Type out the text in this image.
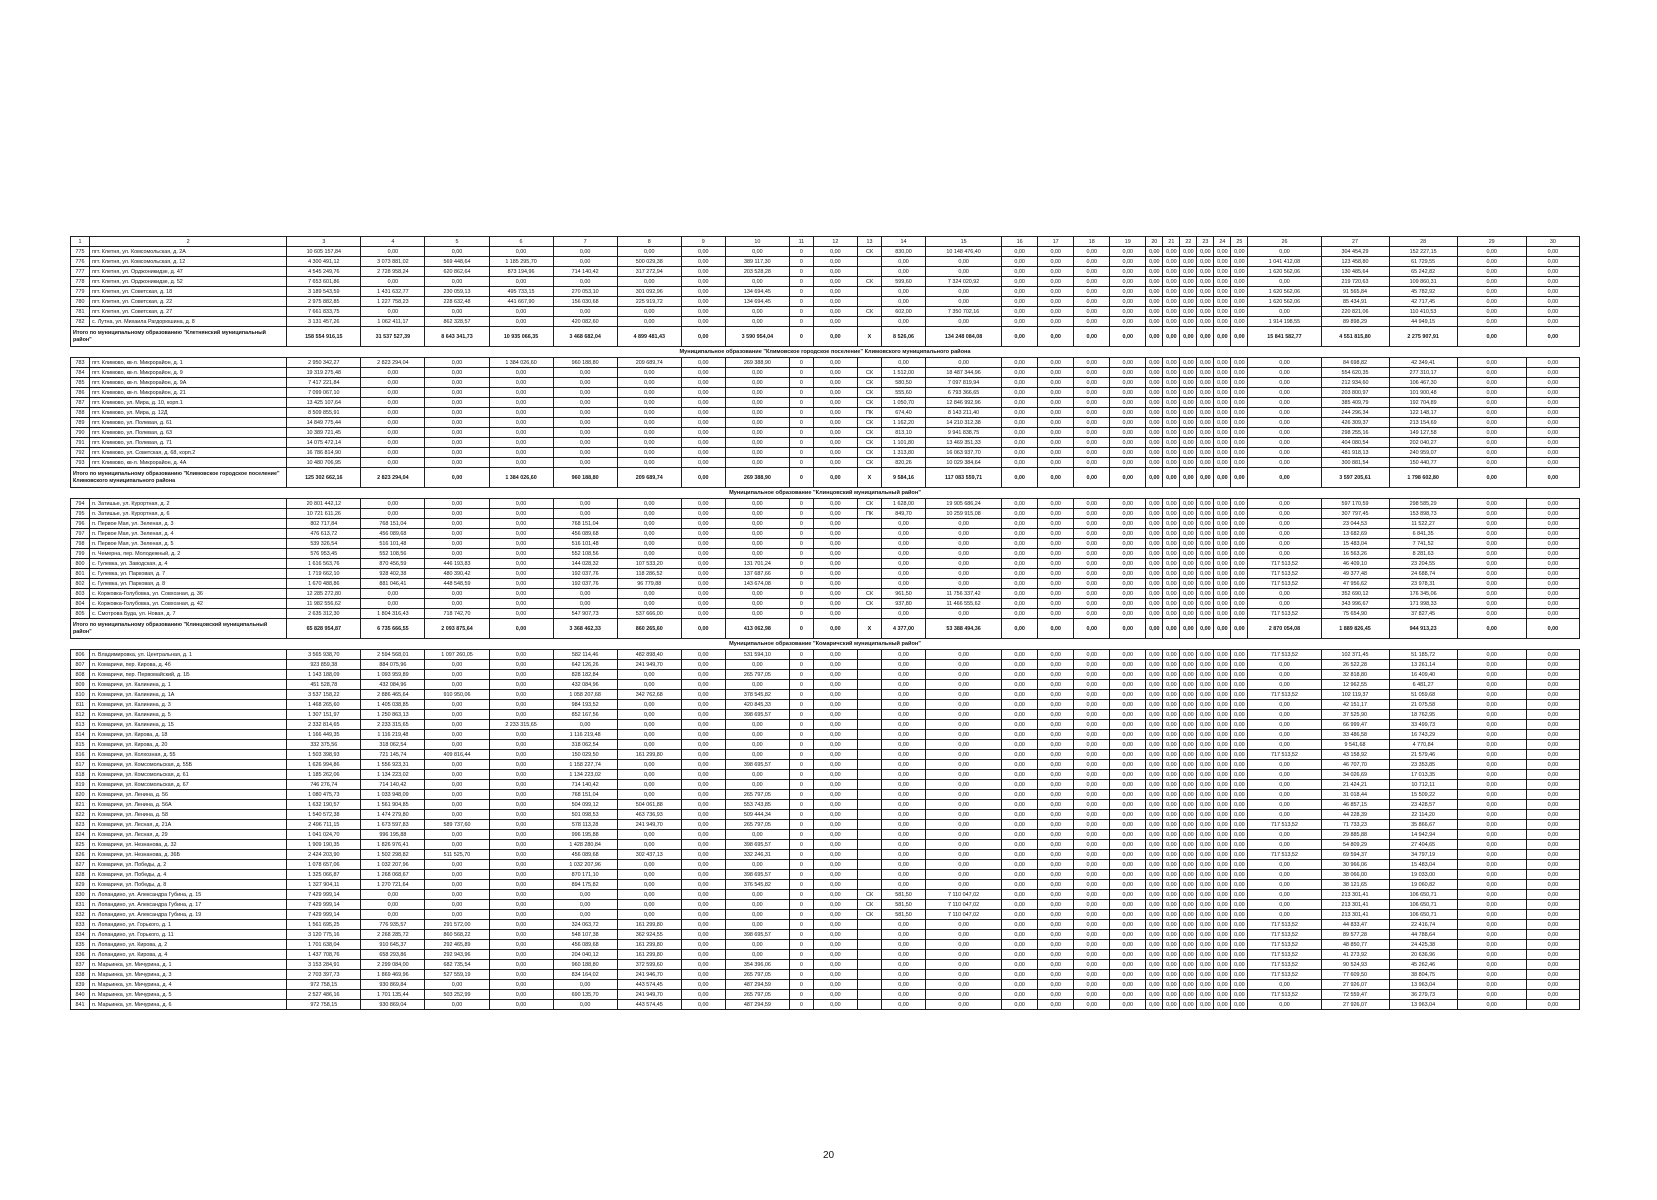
1	2	3	4	5	6	7	8	9	10	11	12	13	14	15	16	17	18	19	20	21	22	23	24	25	26	27	28	29	30
775	пгт. Клетня, ул. Комсомольская, д. 2А	10 605 157,84	0,00	0,00	0,00	0,00	0,00	0,00	0,00	0	0,00	СК	830,00	10 148 476,40	0,00	0,00	0,00	0,00	0,00	0,00	0,00	0,00	0,00	0,00	0,00	304 454,29	152 227,15	0,00	0,00
776	пгт. Клетня, ул. Комсомольская, д. 12	4 300 491,12	3 073 881,02	569 448,64	1 185 295,70	0,00	500 029,38	0,00	389 117,30	0	0,00		0,00	0,00	0,00	0,00	0,00	0,00	0,00	0,00	0,00	0,00	0,00	0,00	1 041 412,08	123 458,80	61 729,55	0,00	0,00
777	пгт. Клетня, ул. Орджоникидзе, д. 47	4 545 249,76	2 728 958,24	620 862,64	873 194,96	714 140,42	317 272,94	0,00	203 528,28	0	0,00		0,00	0,00	0,00	0,00	0,00	0,00	0,00	0,00	0,00	0,00	0,00	0,00	1 620 562,06	130 485,64	65 242,82	0,00	0,00
778	пгт. Клетня, ул. Орджоникидзе, д. 52	7 653 601,86	0,00	0,00	0,00	0,00	0,00	0,00	0,00	0	0,00	СК	599,60	7 324 020,92	0,00	0,00	0,00	0,00	0,00	0,00	0,00	0,00	0,00	0,00	0,00	219 720,63	109 860,31	0,00	0,00
779	пгт. Клетня, ул. Советская, д. 18	3 189 543,59	1 431 632,77	230 059,13	495 733,15	270 053,10	301 092,96	0,00	134 694,45	0	0,00		0,00	0,00	0,00	0,00	0,00	0,00	0,00	0,00	0,00	0,00	0,00	0,00	1 620 562,06	91 565,84	45 782,92	0,00	0,00
780	пгт. Клетня, ул. Советская, д. 22	2 975 882,85	1 227 758,23	228 632,48	441 667,90	156 030,68	225 919,72	0,00	134 694,45	0	0,00		0,00	0,00	0,00	0,00	0,00	0,00	0,00	0,00	0,00	0,00	0,00	0,00	1 620 562,06	85 434,91	42 717,45	0,00	0,00
781	пгт. Клетня, ул. Советская, д. 27	7 661 833,75	0,00	0,00	0,00	0,00	0,00	0,00	0,00	0	0,00	СК	602,00	7 350 702,16	0,00	0,00	0,00	0,00	0,00	0,00	0,00	0,00	0,00	0,00	0,00	220 821,06	110 410,53	0,00	0,00
782	с. Лутна, ул. Михаила Рагдорюшина, д. 8	3 131 457,26	1 062 411,17	862 328,57	0,00	420 082,60	0,00	0,00	0,00	0	0,00		0,00	0,00	0,00	0,00	0,00	0,00	0,00	0,00	0,00	0,00	0,00	0,00	1 914 198,55	89 898,29	44 949,15	0,00	0,00
Итого по муниципальному образованию "Клетнянский муниципальный район"		158 554 916,15	31 537 527,39	8 643 341,73	10 935 066,35	3 468 682,04	4 899 481,43	0,00	3 590 954,04	0	0,00	X	8 526,06	134 248 084,08	0,00	0,00	0,00	0,00	0,00	0,00	0,00	0,00	0,00	0,00	15 841 582,77	4 551 815,80	2 275 907,91	0,00	0,00
Муниципальное образование "Климовское городское поселение" Климовского муниципального района																													
783	пгт. Климово, кв-л. Микрорайон, д. 1	2 950 342,27	2 823 294,04	0,00	1 384 026,60	960 188,80	209 689,74	0,00	269 388,90	0	0,00		0,00	0,00	0,00	0,00	0,00	0,00	0,00	0,00	0,00	0,00	0,00	0,00	0,00	84 698,82	42 349,41	0,00	0,00
784	пгт. Климово, кв-л. Микрорайон, д. 9	19 319 275,48	0,00	0,00	0,00	0,00	0,00	0,00	0,00	0	0,00	СК	1 512,00	18 487 344,96	0,00	0,00	0,00	0,00	0,00	0,00	0,00	0,00	0,00	0,00	0,00	554 620,35	277 310,17	0,00	0,00
785	пгт. Климово, кв-л. Микрорайон, д. 9А	7 417 221,84	0,00	0,00	0,00	0,00	0,00	0,00	0,00	0	0,00	СК	580,50	7 097 819,94	0,00	0,00	0,00	0,00	0,00	0,00	0,00	0,00	0,00	0,00	0,00	212 934,60	106 467,30	0,00	0,00
786	пгт. Климово, кв-л. Микрорайон, д. 21	7 099 067,10	0,00	0,00	0,00	0,00	0,00	0,00	0,00	0	0,00	СК	555,60	6 793 366,65	0,00	0,00	0,00	0,00	0,00	0,00	0,00	0,00	0,00	0,00	0,00	203 800,97	101 900,48	0,00	0,00
787	пгт. Климово, ул. Мира, д. 10, корп.1	13 425 107,64	0,00	0,00	0,00	0,00	0,00	0,00	0,00	0	0,00	СК	1 050,70	12 846 992,96	0,00	0,00	0,00	0,00	0,00	0,00	0,00	0,00	0,00	0,00	0,00	385 409,79	192 704,89	0,00	0,00
788	пгт. Климово, ул. Мира, д. 12Д	8 509 855,91	0,00	0,00	0,00	0,00	0,00	0,00	0,00	0	0,00	ПК	674,40	8 143 211,40	0,00	0,00	0,00	0,00	0,00	0,00	0,00	0,00	0,00	0,00	0,00	244 296,34	122 148,17	0,00	0,00
789	пгт. Климово, ул. Полевая, д. 61	14 849 775,44	0,00	0,00	0,00	0,00	0,00	0,00	0,00	0	0,00	СК	1 162,20	14 210 312,38	0,00	0,00	0,00	0,00	0,00	0,00	0,00	0,00	0,00	0,00	0,00	426 309,37	213 154,69	0,00	0,00
790	пгт. Климово, ул. Полевая, д. 63	10 389 721,45	0,00	0,00	0,00	0,00	0,00	0,00	0,00	0	0,00	СК	813,10	9 941 838,75	0,00	0,00	0,00	0,00	0,00	0,00	0,00	0,00	0,00	0,00	0,00	298 255,16	149 127,58	0,00	0,00
791	пгт. Климово, ул. Полевая, д. 71	14 075 472,14	0,00	0,00	0,00	0,00	0,00	0,00	0,00	0	0,00	СК	1 101,80	13 469 351,33	0,00	0,00	0,00	0,00	0,00	0,00	0,00	0,00	0,00	0,00	0,00	404 080,54	202 040,27	0,00	0,00
792	пгт. Климово, ул. Советская, д. 68, корп.2	16 786 814,90	0,00	0,00	0,00	0,00	0,00	0,00	0,00	0	0,00	СК	1 313,80	16 063 937,70	0,00	0,00	0,00	0,00	0,00	0,00	0,00	0,00	0,00	0,00	0,00	481 918,13	240 959,07	0,00	0,00
793	пгт. Климово, кв-л. Микрорайон, д. 4А	10 480 706,95	0,00	0,00	0,00	0,00	0,00	0,00	0,00	0	0,00	СК	820,26	10 029 384,64	0,00	0,00	0,00	0,00	0,00	0,00	0,00	0,00	0,00	0,00	0,00	300 881,54	150 440,77	0,00	0,00
Итого по муниципальному образованию "Климовское городское поселение" Климовского муниципального района		125 302 662,16	2 823 294,04	0,00	1 384 026,60	960 188,80	209 689,74	0,00	269 388,90	0	0,00	X	9 584,16	117 083 559,71	0,00	0,00	0,00	0,00	0,00	0,00	0,00	0,00	0,00	0,00	0,00	3 597 205,61	1 798 602,80	0,00	0,00
Муниципальное образование "Клинцовский муниципальный район"																													
794	п. Затишье, ул. Курортная, д. 2	20 801 442,12	0,00	0,00	0,00	0,00	0,00	0,00	0,00	0	0,00	СК	1 628,00	19 905 686,24	0,00	0,00	0,00	0,00	0,00	0,00	0,00	0,00	0,00	0,00	0,00	597 170,59	298 585,29	0,00	0,00
795	п. Затишье, ул. Курортная, д. 6	10 721 611,26	0,00	0,00	0,00	0,00	0,00	0,00	0,00	0	0,00	ПК	849,70	10 259 915,08	0,00	0,00	0,00	0,00	0,00	0,00	0,00	0,00	0,00	0,00	0,00	307 797,45	153 898,73	0,00	0,00
796	п. Первое Мая, ул. Зеленая, д. 3	802 717,84	768 151,04	0,00	0,00	768 151,04	0,00	0,00	0,00	0	0,00		0,00	0,00	0,00	0,00	0,00	0,00	0,00	0,00	0,00	0,00	0,00	0,00	0,00	23 044,53	11 522,27	0,00	0,00
797	п. Первое Мая, ул. Зеленая, д. 4	476 613,72	456 089,68	0,00	0,00	456 089,68	0,00	0,00	0,00	0	0,00		0,00	0,00	0,00	0,00	0,00	0,00	0,00	0,00	0,00	0,00	0,00	0,00	0,00	13 682,69	6 841,35	0,00	0,00
798	п. Первое Мая, ул. Зеленая, д. 5	539 326,54	516 101,48	0,00	0,00	516 101,48	0,00	0,00	0,00	0	0,00		0,00	0,00	0,00	0,00	0,00	0,00	0,00	0,00	0,00	0,00	0,00	0,00	0,00	15 483,04	7 741,52	0,00	0,00
799	п. Чемерна, пер. Молодежный, д. 2	576 953,45	552 108,56	0,00	0,00	552 108,56	0,00	0,00	0,00	0	0,00		0,00	0,00	0,00	0,00	0,00	0,00	0,00	0,00	0,00	0,00	0,00	0,00	0,00	16 563,26	8 281,63	0,00	0,00
800	с. Гулевка, ул. Заводская, д. 4	1 616 563,76	870 456,59	446 193,83	0,00	144 028,32	107 533,20	0,00	131 701,24	0	0,00		0,00	0,00	0,00	0,00	0,00	0,00	0,00	0,00	0,00	0,00	0,00	0,00	717 513,52	46 409,10	23 204,55	0,00	0,00
801	с. Гулевка, ул. Парковая, д. 7	1 719 662,10	928 402,38	480 390,42	0,00	192 037,76	118 286,52	0,00	137 687,66	0	0,00		0,00	0,00	0,00	0,00	0,00	0,00	0,00	0,00	0,00	0,00	0,00	0,00	717 513,52	49 377,48	24 688,74	0,00	0,00
802	с. Гулевка, ул. Парковая, д. 8	1 670 488,86	881 046,41	448 548,59	0,00	192 037,76	96 779,88	0,00	143 674,08	0	0,00		0,00	0,00	0,00	0,00	0,00	0,00	0,00	0,00	0,00	0,00	0,00	0,00	717 513,52	47 956,62	23 978,31	0,00	0,00
803	с. Коржовка-Голубовка, ул. Совхозная, д. 36	12 285 272,80	0,00	0,00	0,00	0,00	0,00	0,00	0,00	0	0,00	СК	961,50	11 756 337,42	0,00	0,00	0,00	0,00	0,00	0,00	0,00	0,00	0,00	0,00	0,00	352 690,12	176 345,06	0,00	0,00
804	с. Коржовка-Голубовка, ул. Совхозная, д. 42	11 982 556,62	0,00	0,00	0,00	0,00	0,00	0,00	0,00	0	0,00	СК	937,80	11 466 555,62	0,00	0,00	0,00	0,00	0,00	0,00	0,00	0,00	0,00	0,00	0,00	343 996,67	171 998,33	0,00	0,00
805	с. Смотрова Буда, ул. Новая, д. 7	2 635 312,30	1 804 316,43	718 742,70	0,00	547 907,73	537 666,00	0,00	0,00	0	0,00		0,00	0,00	0,00	0,00	0,00	0,00	0,00	0,00	0,00	0,00	0,00	0,00	717 513,52	75 654,90	37 827,45	0,00	0,00
Итого по муниципальному образованию "Клинцовский муниципальный район"		65 828 954,87	6 735 666,55	2 093 875,64	0,00	3 368 462,33	860 265,60	0,00	413 062,98	0	0,00	X	4 377,00	53 388 494,36	0,00	0,00	0,00	0,00	0,00	0,00	0,00	0,00	0,00	0,00	2 870 054,08	1 889 826,45	944 913,23	0,00	0,00
Муниципальное образование "Комаричский муниципальный район"																													
806	п. Владимировка, ул. Центральная, д. 1	3 565 938,70	2 594 568,01	1 097 260,05	0,00	582 114,46	482 898,40	0,00	531 594,10	0	0,00		0,00	0,00	0,00	0,00	0,00	0,00	0,00	0,00	0,00	0,00	0,00	0,00	717 513,52	102 371,45	51 185,72	0,00	0,00
807	п. Комаричи, пер. Кирова, д. 4б	923 859,38	884 075,96	0,00	0,00	642 126,26	241 949,70	0,00	0,00	0	0,00		0,00	0,00	0,00	0,00	0,00	0,00	0,00	0,00	0,00	0,00	0,00	0,00	0,00	26 522,28	13 261,14	0,00	0,00
808	п. Комаричи, пер. Первомайский, д. 1Б	1 143 188,09	1 093 959,89	0,00	0,00	828 182,84	0,00	0,00	265 797,05	0	0,00		0,00	0,00	0,00	0,00	0,00	0,00	0,00	0,00	0,00	0,00	0,00	0,00	0,00	32 818,80	16 409,40	0,00	0,00
809	п. Комаричи, ул. Калинина, д. 1	451 528,78	432 084,96	0,00	0,00	432 084,96	0,00	0,00	0,00	0	0,00		0,00	0,00	0,00	0,00	0,00	0,00	0,00	0,00	0,00	0,00	0,00	0,00	0,00	12 962,55	6 481,27	0,00	0,00
810	п. Комаричи, ул. Калинина, д. 1А	3 537 158,22	2 886 465,64	910 950,06	0,00	1 058 207,68	342 762,68	0,00	378 545,82	0	0,00		0,00	0,00	0,00	0,00	0,00	0,00	0,00	0,00	0,00	0,00	0,00	0,00	717 513,52	102 119,37	51 059,68	0,00	0,00
811	п. Комаричи, ул. Калинина, д. 3	1 468 265,60	1 405 038,85	0,00	0,00	984 193,52	0,00	0,00	420 845,33	0	0,00		0,00	0,00	0,00	0,00	0,00	0,00	0,00	0,00	0,00	0,00	0,00	0,00	0,00	42 151,17	21 075,58	0,00	0,00
812	п. Комаричи, ул. Калинина, д. 5	1 307 151,97	1 250 863,13	0,00	0,00	852 167,56	0,00	0,00	398 695,57	0	0,00		0,00	0,00	0,00	0,00	0,00	0,00	0,00	0,00	0,00	0,00	0,00	0,00	0,00	37 525,90	18 762,95	0,00	0,00
813	п. Комаричи, ул. Калинина, д. 15	2 332 814,65	2 233 315,65	0,00	2 233 315,65	0,00	0,00	0,00	0,00	0	0,00		0,00	0,00	0,00	0,00	0,00	0,00	0,00	0,00	0,00	0,00	0,00	0,00	0,00	66 999,47	33 499,73	0,00	0,00
814	п. Комаричи, ул. Кирова, д. 18	1 166 449,35	1 116 219,48	0,00	0,00	1 116 219,48	0,00	0,00	0,00	0	0,00		0,00	0,00	0,00	0,00	0,00	0,00	0,00	0,00	0,00	0,00	0,00	0,00	0,00	33 486,58	16 743,29	0,00	0,00
815	п. Комаричи, ул. Кирова, д. 20	332 375,56	318 062,54	0,00	0,00	318 062,54	0,00	0,00	0,00	0	0,00		0,00	0,00	0,00	0,00	0,00	0,00	0,00	0,00	0,00	0,00	0,00	0,00	0,00	9 541,68	4 770,84	0,00	0,00
816	п. Комаричи, ул. Колхозная, д. 55	1 503 398,93	721 145,74	409 816,44	0,00	150 029,50	161 299,80	0,00	0,00	0	0,00		0,00	0,00	0,00	0,00	0,00	0,00	0,00	0,00	0,00	0,00	0,00	0,00	717 513,52	43 158,92	21 579,46	0,00	0,00
817	п. Комаричи, ул. Комсомольская, д. 55Б	1 626 994,86	1 556 923,31	0,00	0,00	1 158 227,74	0,00	0,00	398 695,57	0	0,00		0,00	0,00	0,00	0,00	0,00	0,00	0,00	0,00	0,00	0,00	0,00	0,00	0,00	46 707,70	23 353,85	0,00	0,00
818	п. Комаричи, ул. Комсомольская, д. 61	1 185 262,06	1 134 223,02	0,00	0,00	1 134 223,02	0,00	0,00	0,00	0	0,00		0,00	0,00	0,00	0,00	0,00	0,00	0,00	0,00	0,00	0,00	0,00	0,00	0,00	34 026,69	17 013,35	0,00	0,00
819	п. Комаричи, ул. Комсомольская, д. 67	746 276,74	714 140,42	0,00	0,00	714 140,42	0,00	0,00	0,00	0	0,00		0,00	0,00	0,00	0,00	0,00	0,00	0,00	0,00	0,00	0,00	0,00	0,00	0,00	21 424,21	10 712,11	0,00	0,00
820	п. Комаричи, ул. Ленина, д. 56	1 080 475,73	1 033 948,09	0,00	0,00	768 151,04	0,00	0,00	265 797,05	0	0,00		0,00	0,00	0,00	0,00	0,00	0,00	0,00	0,00	0,00	0,00	0,00	0,00	0,00	31 018,44	15 509,22	0,00	0,00
821	п. Комаричи, ул. Ленина, д. 56А	1 632 190,57	1 561 904,85	0,00	0,00	504 099,12	504 061,88	0,00	553 743,85	0	0,00		0,00	0,00	0,00	0,00	0,00	0,00	0,00	0,00	0,00	0,00	0,00	0,00	0,00	46 857,15	23 428,57	0,00	0,00
822	п. Комаричи, ул. Ленина, д. 58	1 540 572,38	1 474 279,80	0,00	0,00	501 098,53	463 736,93	0,00	509 444,34	0	0,00		0,00	0,00	0,00	0,00	0,00	0,00	0,00	0,00	0,00	0,00	0,00	0,00	0,00	44 228,39	22 114,20	0,00	0,00
823	п. Комаричи, ул. Лесная, д. 21А	2 496 711,15	1 673 597,83	589 737,60	0,00	578 113,28	241 949,70	0,00	265 797,05	0	0,00		0,00	0,00	0,00	0,00	0,00	0,00	0,00	0,00	0,00	0,00	0,00	0,00	717 513,52	71 733,23	35 866,67	0,00	0,00
824	п. Комаричи, ул. Лесная, д. 29	1 041 024,70	996 195,88	0,00	0,00	996 195,88	0,00	0,00	0,00	0	0,00		0,00	0,00	0,00	0,00	0,00	0,00	0,00	0,00	0,00	0,00	0,00	0,00	0,00	29 885,88	14 942,94	0,00	0,00
825	п. Комаричи, ул. Незнанова, д. 32	1 909 190,35	1 826 976,41	0,00	0,00	1 428 280,84	0,00	0,00	398 695,57	0	0,00		0,00	0,00	0,00	0,00	0,00	0,00	0,00	0,00	0,00	0,00	0,00	0,00	0,00	54 809,29	27 404,65	0,00	0,00
826	п. Комаричи, ул. Незнанова, д. 36Б	2 424 203,90	1 502 298,82	511 525,70	0,00	456 089,68	302 437,13	0,00	332 246,31	0	0,00		0,00	0,00	0,00	0,00	0,00	0,00	0,00	0,00	0,00	0,00	0,00	0,00	717 513,52	69 594,37	34 797,19	0,00	0,00
827	п. Комаричи, ул. Победы, д. 2	1 078 657,06	1 032 207,96	0,00	0,00	1 032 207,96	0,00	0,00	0,00	0	0,00		0,00	0,00	0,00	0,00	0,00	0,00	0,00	0,00	0,00	0,00	0,00	0,00	0,00	30 966,06	15 483,04	0,00	0,00
828	п. Комаричи, ул. Победы, д. 4	1 325 066,87	1 268 068,67	0,00	0,00	870 171,10	0,00	0,00	398 695,57	0	0,00		0,00	0,00	0,00	0,00	0,00	0,00	0,00	0,00	0,00	0,00	0,00	0,00	0,00	38 066,00	19 033,00	0,00	0,00
829	п. Комаричи, ул. Победы, д. 8	1 327 904,11	1 270 721,64	0,00	0,00	894 175,82	0,00	0,00	376 545,82	0	0,00		0,00	0,00	0,00	0,00	0,00	0,00	0,00	0,00	0,00	0,00	0,00	0,00	0,00	38 121,65	19 060,82	0,00	0,00
830	п. Лопандино, ул. Александра Губина, д. 15	7 429 999,14	0,00	0,00	0,00	0,00	0,00	0,00	0,00	0	0,00	СК	581,50	7 110 047,02	0,00	0,00	0,00	0,00	0,00	0,00	0,00	0,00	0,00	0,00	0,00	213 301,41	106 650,71	0,00	0,00
831	п. Лопандино, ул. Александра Губина, д. 17	7 429 999,14	0,00	0,00	0,00	0,00	0,00	0,00	0,00	0	0,00	СК	581,50	7 110 047,02	0,00	0,00	0,00	0,00	0,00	0,00	0,00	0,00	0,00	0,00	0,00	213 301,41	106 650,71	0,00	0,00
832	п. Лопандино, ул. Александра Губина, д. 19	7 429 999,14	0,00	0,00	0,00	0,00	0,00	0,00	0,00	0	0,00	СК	581,50	7 110 047,02	0,00	0,00	0,00	0,00	0,00	0,00	0,00	0,00	0,00	0,00	0,00	213 301,41	106 650,71	0,00	0,00
833	п. Лопандино, ул. Горького, д. 1	1 561 695,25	776 935,57	291 572,00	0,00	324 063,72	161 299,80	0,00	0,00	0	0,00		0,00	0,00	0,00	0,00	0,00	0,00	0,00	0,00	0,00	0,00	0,00	0,00	717 513,52	44 833,47	22 416,74	0,00	0,00
834	п. Лопандино, ул. Горького, д. 11	3 120 775,16	2 268 285,72	860 568,22	0,00	548 107,38	362 924,55	0,00	398 695,57	0	0,00		0,00	0,00	0,00	0,00	0,00	0,00	0,00	0,00	0,00	0,00	0,00	0,00	717 513,52	89 577,28	44 788,64	0,00	0,00
835	п. Лопандино, ул. Кирова, д. 2	1 701 638,04	910 645,37	292 465,89	0,00	456 089,68	161 299,80	0,00	0,00	0	0,00		0,00	0,00	0,00	0,00	0,00	0,00	0,00	0,00	0,00	0,00	0,00	0,00	717 513,52	48 850,77	24 425,38	0,00	0,00
836	п. Лопандино, ул. Кирова, д. 4	1 437 708,76	658 293,86	292 943,96	0,00	204 040,12	161 299,80	0,00	0,00	0	0,00		0,00	0,00	0,00	0,00	0,00	0,00	0,00	0,00	0,00	0,00	0,00	0,00	717 513,52	41 273,92	20 636,96	0,00	0,00
837	п. Марьинка, ул. Мичурина, д. 1	3 153 284,91	2 299 084,00	682 735,54	0,00	960 188,80	372 599,60	0,00	354 396,06	0	0,00		0,00	0,00	0,00	0,00	0,00	0,00	0,00	0,00	0,00	0,00	0,00	0,00	717 513,52	90 524,93	45 262,46	0,00	0,00
838	п. Марьинка, ул. Мичурина, д. 3	2 703 397,73	1 869 469,96	527 559,19	0,00	834 164,02	241 946,70	0,00	265 797,05	0	0,00		0,00	0,00	0,00	0,00	0,00	0,00	0,00	0,00	0,00	0,00	0,00	0,00	717 513,52	77 609,50	38 804,75	0,00	0,00
839	п. Марьинка, ул. Мичурина, д. 4	972 758,15	930 869,84	0,00	0,00	0,00	443 574,45	0,00	487 294,59	0	0,00		0,00	0,00	0,00	0,00	0,00	0,00	0,00	0,00	0,00	0,00	0,00	0,00	0,00	27 926,07	13 963,04	0,00	0,00
840	п. Марьинка, ул. Мичурина, д. 5	2 527 486,16	1 701 135,44	503 252,99	0,00	690 135,70	241 949,70	0,00	265 797,05	0	0,00		0,00	0,00	0,00	0,00	0,00	0,00	0,00	0,00	0,00	0,00	0,00	0,00	717 513,52	72 559,47	36 279,73	0,00	0,00
841	п. Марьинка, ул. Мичурина, д. 6	972 758,15	930 869,04	0,00	0,00	0,00	443 574,45	0,00	487 294,59	0	0,00		0,00	0,00	0,00	0,00	0,00	0,00	0,00	0,00	0,00	0,00	0,00	0,00	0,00	27 926,07	13 963,04	0,00	0,00
20
